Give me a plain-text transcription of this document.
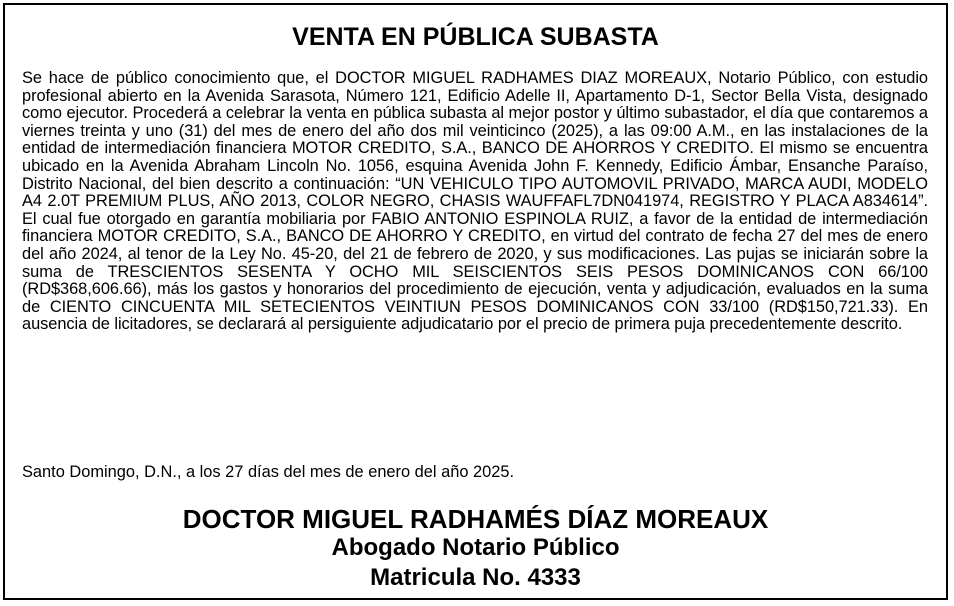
VENTA EN PÚBLICA SUBASTA

Se hace de público conocimiento que, el DOCTOR MIGUEL RADHAMES DIAZ MOREAUX, Notario Público, con estudio profesional abierto en la Avenida Sarasota, Número 121, Edificio Adelle II, Apartamento D-1, Sector Bella Vista, designado como ejecutor. Procederá a celebrar la venta en pública subasta al mejor postor y último subastador, el día que contaremos a viernes treinta y uno (31) del mes de enero del año dos mil veinticinco (2025), a las 09:00 A.M., en las instalaciones de la entidad de intermediación financiera MOTOR CREDITO, S.A., BANCO DE AHORROS Y CREDITO. El mismo se encuentra ubicado en la Avenida Abraham Lincoln No. 1056, esquina Avenida John F. Kennedy, Edificio Ámbar, Ensanche Paraíso, Distrito Nacional, del bien descrito a continuación: “UN VEHICULO TIPO AUTOMOVIL PRIVADO, MARCA AUDI, MODELO A4 2.0T PREMIUM PLUS, AÑO 2013, COLOR NEGRO, CHASIS WAUFFAFL7DN041974, REGISTRO Y PLACA A834614”. El cual fue otorgado en garantía mobiliaria por FABIO ANTONIO ESPINOLA RUIZ, a favor de la entidad de intermediación financiera MOTOR CREDITO, S.A., BANCO DE AHORRO Y CREDITO, en virtud del contrato de fecha 27 del mes de enero del año 2024, al tenor de la Ley No. 45-20, del 21 de febrero de 2020, y sus modificaciones. Las pujas se iniciarán sobre la suma de TRESCIENTOS SESENTA Y OCHO MIL SEISCIENTOS SEIS PESOS DOMINICANOS CON 66/100 (RD$368,606.66), más los gastos y honorarios del procedimiento de ejecución, venta y adjudicación, evaluados en la suma de CIENTO CINCUENTA MIL SETECIENTOS VEINTIUN PESOS DOMINICANOS CON 33/100 (RD$150,721.33). En ausencia de licitadores, se declarará al persiguiente adjudicatario por el precio de primera puja precedentemente descrito.

Santo Domingo, D.N., a los 27 días del mes de enero del año 2025.

DOCTOR MIGUEL RADHAMÉS DÍAZ MOREAUX

Abogado Notario Público

Matricula No. 4333
